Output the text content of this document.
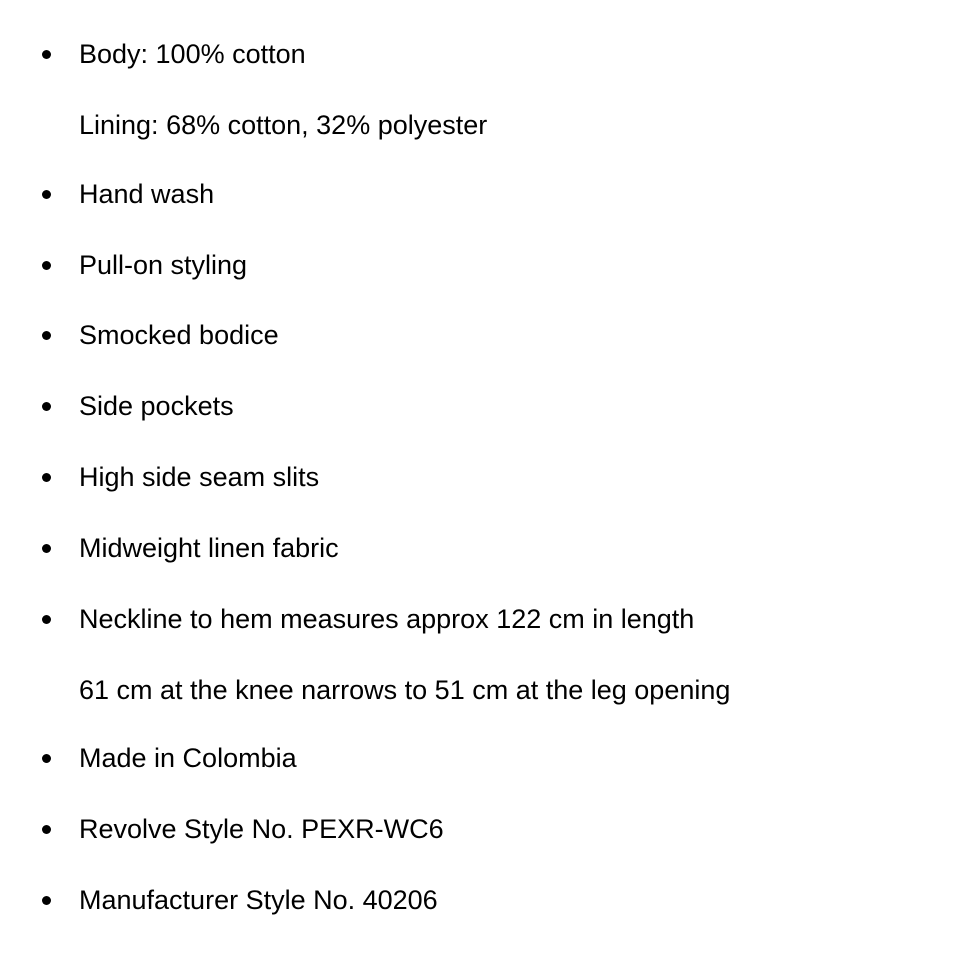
Body: 100% cotton
Lining: 68% cotton, 32% polyester
Hand wash
Pull-on styling
Smocked bodice
Side pockets
High side seam slits
Midweight linen fabric
Neckline to hem measures approx 122 cm in length
61 cm at the knee narrows to 51 cm at the leg opening
Made in Colombia
Revolve Style No. PEXR-WC6
Manufacturer Style No. 40206
